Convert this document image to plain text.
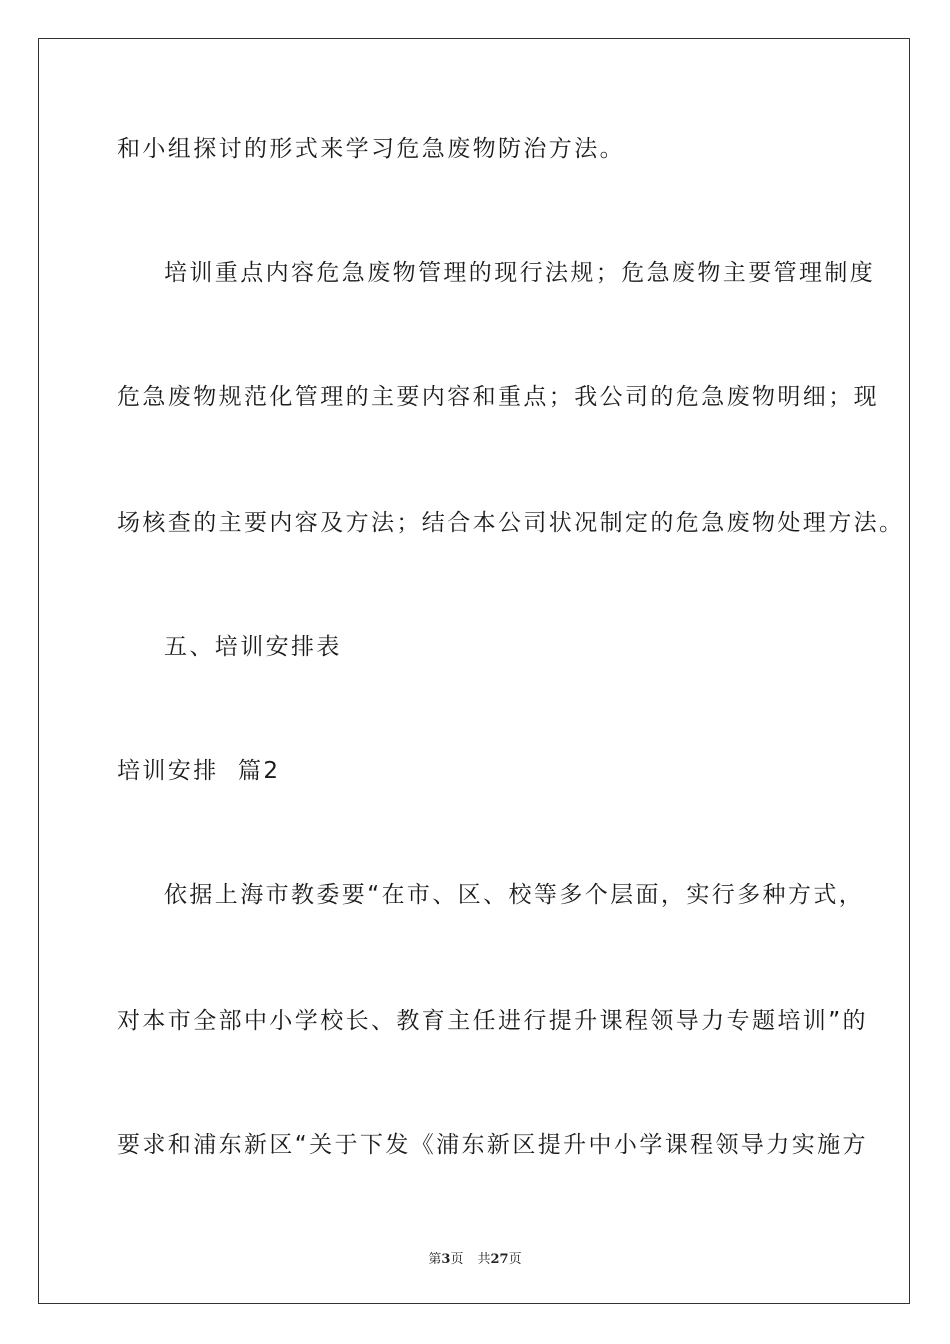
和小组探讨的形式来学习危急废物防治方法。

培训重点内容危急废物管理的现行法规；危急废物主要管理制度

危急废物规范化管理的主要内容和重点；我公司的危急废物明细；现

场核查的主要内容及方法；结合本公司状况制定的危急废物处理方法。

五、培训安排表

培训安排  篇2

依据上海市教委要“在市、区、校等多个层面，实行多种方式，

对本市全部中小学校长、教育主任进行提升课程领导力专题培训”的

要求和浦东新区“关于下发《浦东新区提升中小学课程领导力实施方

第3页 共27页
